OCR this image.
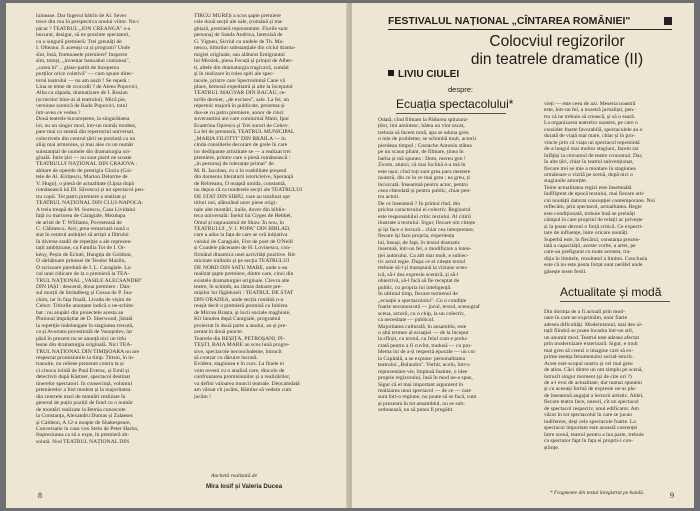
lumease. Dar Ingerul bătrîn de Al. Sever
trece din rou în perspectiva unului viitor. Nu-i
păcat ? TEATRUL „ION CREANGĂ" s-a
bucurat, desigur, să ne prezinte spectatori,
cu o singură premieră: Trei greutăți de
I. Olteanu. E aceeași ca și program? Unde
sînt, însă, frumoasele premiere? Inspecte
sînt, totuși, „inventar banoabul coniunea",
„carea bi"... glasu-partit de începerea
porților orice coletivă" — cum spune direc-
torul teatrului — nu am auzit ! Se repetă :
Lina se teme de crocodil ? de Aleea Popovici,
Alba ca zăpada, dramatizare de I. Rosian
(scrierilor bine-ai al teatrului). Mică pie,
versiune scenică de Radu Popovici, totul
într-avea ce vedea ?
Două teatrele bucureștene, la singurătatea
lor, au un singur mod, într-un număr modest,
pare mai cu seamă din repertoriul universal,
colectivele din centrul țării se prezintă cu un
aliaj mai armonios, și mai ales cu un număr
substanțial de numele din dramaturgia ori-
ginală. Între țări — nu sunt pierd ne scoate
TEATRULUI NAȚIONAL DIN CRAIOVA :
abitare de operele de prestigiu Gloria (Goi-
tele de Al. Kirițescu, Marion Delorme de
V. Hugo), o piesă de actualitate (Lipsa după
românească bă Dl. Săvescu) și un spectacol pen-
tru copii. Tot patru premiere a realizat și
TEATRUL NAȚIONAL DIN CLUJ-NAPOCA:
A treia treapă de M. Sorescu, Casa Lividalui
față cu mariorea de Caragiale, Mezdupa
de aristi de T. Williams, Povesteasă de
C. Călinescu. Aici, prea remarcată nonă o
stat în centrul ambiției să artiști a filtrului
în diverse stadii de repetiție a ale reprezen-
tații ambițioase, ca Familia Tot de I. Ör-
kény, Peșin de Ecinéi, Hangița de Goldoni,
O sărbătoare prinesei de Teodor Mazilu,
O scrisoare pierdută de I. L. Caragiale. La-
cul unei ridicare de la o premieră la TEA-
TRUL NAȚIONAL „VASILE ALECSANDRI"
DIN IAȘI : descend, doua premiere : Dan-
sul morții de Strindberg și Gosoa de P. Jua-
chim, iar în fața finală, Livada de vișini de
Cehov. Titlurile anunțate indică o ne-schim-
bat : nu aiupări din proiectele acesta au
Plutonul împrăștiat de D. Sherwood, jîstată
la repetiție îndelungate în stagiunea trecută,
ca și Avortatu povestirală de Vasopulev, iar
păsă în prezent nu se anunță nici un titlu
lesne din dramaturgia originală. Nici TEA-
TRUL NAȚIONAL DIN TIMIȘOARA nu are
respectat promisiunile la timp. Tittsin, în in-
tranuite, nu reliese prezente contra ta și
ci cinoca lolidă de Paul Everac, și Emil și
detectivii după Kästner, spectacol destinat
tinerelor spectatori. În consecință, volumul
premierelor a fost modest și la majoritatea
din centrele mari de montări realizate în
general de puțin poziții de fond cu o număr
de montări realizate la Bemia cunoscute
la Constanța, Alexandru Dumas și Zalaesec
și Caldeon, A 12-a noapte de Shakespeare,
Conversatie în casa von Stein de Peter Hacks,
Impresiunea ca să o expe, în premieră ab-
solută. Nod TEATRUL NAȚIONAL DIN
TÎRGU MUREȘ a scos șapte premiere
cele două secții ale sale, (română și ma-
ghiară, premieră reprezentate. Florile sunt
personaj de Sanda Andrica, Interzisă de
G. Vigneu, Sicriul cu undele de Th. Ma-
nescu, titlurilor substanțiale din ciclul drama-
turgiei originale, sau alăturat Emigrantul
lui Mrożek, piesa Fecuță și prințul de Alber-
ti, altele din dramaturgia tragicavă, cumăd
și în realizare în roles spiti ale spec-
tacole, printre care Spectrommă Cane vă
place, bemosă expediatră și alte la începutul
TEATRUL MAGYAR DIN BACĂU, ce-
torile dernier, „de excises", sale. La fel, un
repertoir majoră în publicate, prezenta și
dus-se cu patru premiere, aonor de cinci
suverantitui are care comiurmă Maiti, Ipur
Ecaterina Oprescu și Trei surori de Cehov.
La fel de premieră, TEATRUL MUNICIPAL
„MARIA FILOTTI" DIN BRĂILA — în
cinda consilierie decorare de grele în care
lor dediipante artistitate se — a realizat trei
premiere, printre care o piesă românească :
„în personaj de toleranțe primai" de
M. R. Iacoban, cu o în roabilitate preșesti
din domeniu literaturii istoricieive, Speranță
de Rebreanu, O noaptă umida, constantă,
nu depus că ca tunderele secții ale TEATRULUI
DE STAT DIN SIBIU, care au totalizat opt
titluri noi, alăturând unor piese origi-
nale alte montări, iraile, dover din biblio-
teca universală: Inelul lui Gyges de Hebbel,
Omul și supraoamul de Shaw. În nou, în
TEATRULUI „V. I. POPA" DIN BÎRLAD,
care a adus la fața de care se oră inițiativa
valului de Caragiale, Fire de poet de O'Neill
și Coadele păcenatei de H. Lovinescu, con-
firmând dinamica unei activități pozitive. Rit-
micitate intilnim și pe secția TEATRULUI
DE NORD DIN SATU MARE, unde s-au
realizat șapte premiere, dintre care, cinci din
existele dramaturgiei originale. Clevra alte
teatre, în schimb, au rămas datoare pre-
mișilor lor făgăduieli : TEATRUL DE STAT
DIN ORADEA, unde secția română n-a
reușit decît o premieră promisă cu Iubirea
de Mircea Brașta, și locii sociale maghiare,
Kir Ianulea după Caragiale, programul
proiectat în două parte a anului, au și pre-
zentat în două puncte.
Teatrele din REȘIȚA, PETROȘANI, PI-
TEȘTI, BAIA MARE au scos lună progre-
sive, spectacole neconcludente, întrucît
să contrar cu dăruire lucrată.
Evident, stagiunea e în curs. La finele ei
vom reveni cu o analiză care, dincolo de
confruntarea promisiunilor și a realizărilor,
va defini valoarea muncii teatrale. Deocamdată
am vărsat cît jucăm, Rămîne să vedem cum
jucăm !
Anchetă realizată de
Mira Iosif și Valeria Ducea
8
FESTIVALUL NAȚIONAL „CÎNTAREA ROMÂNIEI"
Colocviul regizorilor
din teatrele dramatice (II)
LIVIU CIULEI
despre:
Ecuația spectacolului*
Odată, cînd filmam la Pădurea spînzura-
ților, imi amintesc, bătea un vînt uscat,
trebuia să facem noră, apa se aduna greu
o mie de probleme, se schimbă mult, actorii
pierdeau timpul ; Costache Antoniu stătea
pe un scaun pliant, de filmare, ținea în
barba și mă spunea : Dom, mereu gen !
Zicem, atunci, că mai înclină o-a mă în
este ușor, cînd toți sunt grea para mestere
noastră, din ce în ce mai grea ; ea greu, ți
încurcată. Înseamnă pentru actor, pentru
ceea cîteodată și pentru public, chiar pen-
tru actori.
De ce înseamnă ? În primul rînd, din
pricina caracterului ei colectiv. Regizorul
este responsabilul critic textului. Al citirii
ilustrate a textului. Sigur, fiecare om citește
și își face o lectură... chiar cea interpretare,
fiecare își face propria, experiența
lui, însuși, de fapt, în textul dramatic
însemnă, într-un fel, o modificare a inten-
ției autorului. Ca atît mai mult, e subiec-
tiv actul regie. Dupa ce el citește textul
trebuie să-l și transpună la viziune scen-
ică, să-i dea expresie scenică, și să-l
obiectivă, să-l facă să fie receptat de
public, cu propria lui inteligență.
În ultimul timp, fiecare termenul de
„ecuație a spectacolului". Cu o condiție
foarte necunoscută — jocul, textul, scenograf
scena, actorii, cu o chip, la un colectiv,
ca necesitate — publicul.
Majoritatea culturală, în ansamblu, este
o altă termen al ecuației — de la început
la sfîrșit, cu textul, cu felul cum e prelu-
crată pentru a fi cuvînt, tradusă — cu pro-
blema lui de a-ți respectă epocale — un cor
la Capitală, a se expune: personalitatea
teatrului „Bulandra". Vorbit, acolo, într-o
reprezentare vie, împinsă înainte, o idee
proprie regizorului, însă în mod ne-a spus,
Sigur că el mai important argument în
realizarea unui spectacol — de ce — care
sunt într-o regiune, nu poate să se facă, cum
și prezenta în tot ansamblul, nu se sub-
ordonează, nu să putea fi pregătit.
vieți — este ceea de azi. Meseria noastră
este, într-un fel, a noastră jurnaliști, pen-
tru că ne trebuie să crească, și să o seară.
La organizarea teatrelor noastre, pe care o
consider foarte favorabilă, spectacolele au o
durată de viață mai mare, chiar și în pro-
vincie prin că viața un spectacol reprezintă
de-a lungul mai multor stagiuni, facem rar
înfățiși la ceicumul de teatre cronomul. Dar,
în alte țări, chiar în teatrul subvenționat,
fiecare trei se mie a montare în stagiunea
următoare o vizită pe scenă, după nici o
stagiunile amorțite.
Teme actualitatea regizi este însemnătă
îndîfiștent de epocă textului, mai fiecare arti-
cul noutății datorat concepției contemporane. Noi
reflecăm, prin spectacol, actualitatea. Regie
este condiționată, trebuie însă se preluăți
câmpul la care propriul de relații ac privește
și la poate deveni o forță critică. Ce expecti-
tare de influențe, între oricare noutăți.
Superbă este, în fiecărui, constanța prezen-
tată a capacității, aceste vorbe, a artei, pe
care-au prefigurat cu toate acestea, tra-
diția în limitele, rezultatul a limitei. Conclusia
este că nu este posta forțat sunt nerăbd unde
găsește teren fertil.
Actualitate și modă
Din dorința de a fi actuali prin mod-
oare în care ne exprimăm, unor fiarte
adesea dificultăți. Modernismul, mai des ul-
tații fiindcă se poate încadra într-un stil,
un anumit mod. Teatrul este adesea afectat
prin modernizare exterioară. Sigur, e mult
mai greu să creezi o imagine care să ex-
prime esența fenomenului social-istoric.
Acest este scopul nostru și vel mai greu
de atins. Căci dintre un om simplu pe scenă,
întrucît singur moment (și de cite ori ?)
de a-l eroi de actualitate, dar numai spunem
și cu aceeași formă de expresie ne-ar pla-
de înseamnă angajat a lectorii artistic. Aldel,
fiecare teatru face, uneori, cît un spectacol
de spectacol respectiv, unul edificator. Am
văzut în tot spectacolul în care se jucau
indiferent, deși cele spectacole foarte. La
spectacol important este această coerenței
între scenă, teatrul pentru a lua parte, trebuie
ca spectator fapt în fața ei proprii-l con-
științe.
* Fragmente din textul înregistrat pe bandă.	9
